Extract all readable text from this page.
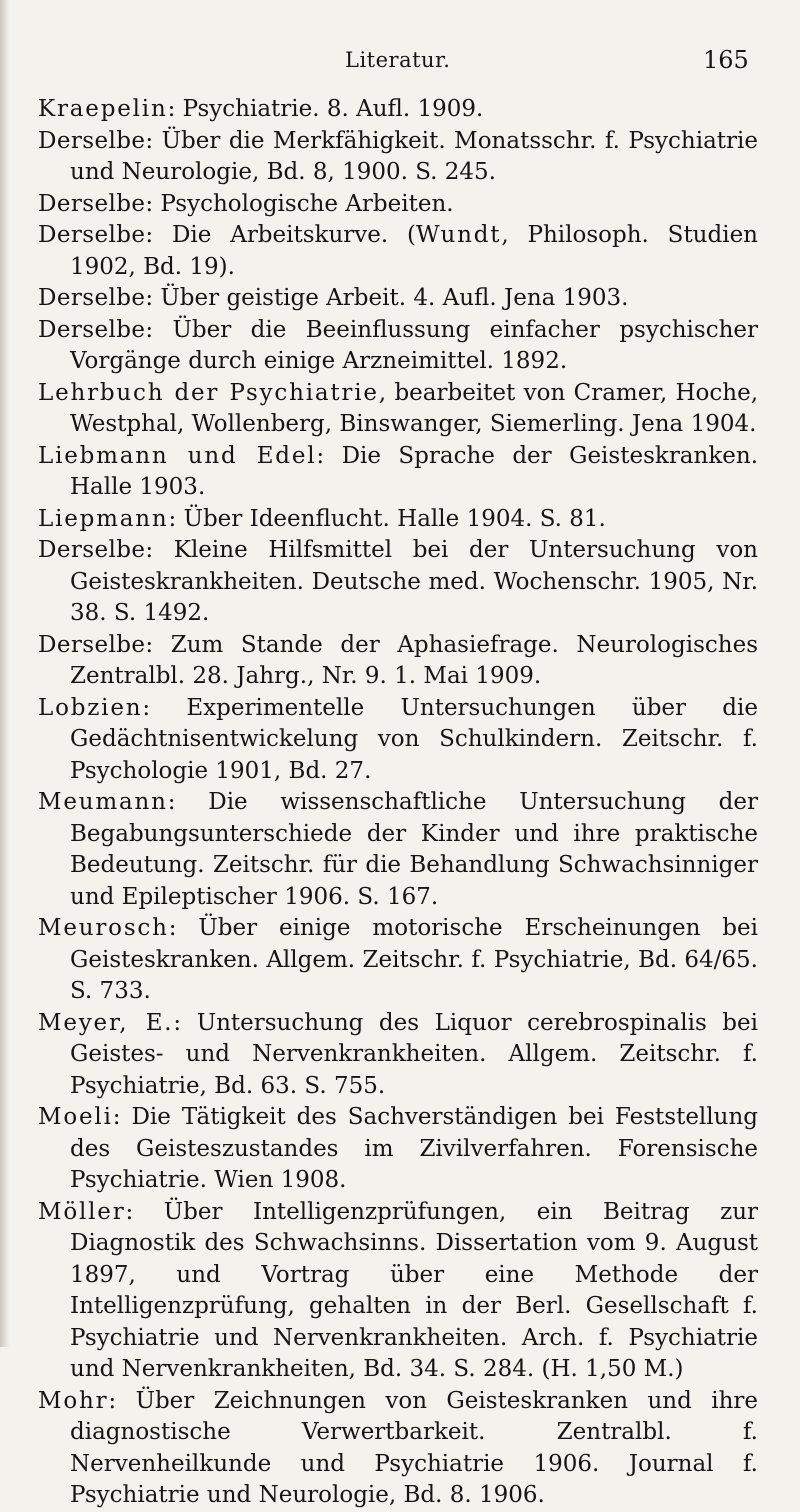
Literatur.	165
Kraepelin: Psychiatrie. 8. Aufl. 1909.
Derselbe: Über die Merkfähigkeit. Monatsschr. f. Psychiatrie und Neurologie, Bd. 8, 1900. S. 245.
Derselbe: Psychologische Arbeiten.
Derselbe: Die Arbeitskurve. (Wundt, Philosoph. Studien 1902, Bd. 19).
Derselbe: Über geistige Arbeit. 4. Aufl. Jena 1903.
Derselbe: Über die Beeinflussung einfacher psychischer Vorgänge durch einige Arzneimittel. 1892.
Lehrbuch der Psychiatrie, bearbeitet von Cramer, Hoche, Westphal, Wollenberg, Binswanger, Siemerling. Jena 1904.
Liebmann und Edel: Die Sprache der Geisteskranken. Halle 1903.
Liepmann: Über Ideenflucht. Halle 1904. S. 81.
Derselbe: Kleine Hilfsmittel bei der Untersuchung von Geisteskrankheiten. Deutsche med. Wochenschr. 1905, Nr. 38. S. 1492.
Derselbe: Zum Stande der Aphasiefrage. Neurologisches Zentralbl. 28. Jahrg., Nr. 9. 1. Mai 1909.
Lobzien: Experimentelle Untersuchungen über die Gedächtnisentwickelung von Schulkindern. Zeitschr. f. Psychologie 1901, Bd. 27.
Meumann: Die wissenschaftliche Untersuchung der Begabungsunterschiede der Kinder und ihre praktische Bedeutung. Zeitschr. für die Behandlung Schwachsinniger und Epileptischer 1906. S. 167.
Meurosch: Über einige motorische Erscheinungen bei Geisteskranken. Allgem. Zeitschr. f. Psychiatrie, Bd. 64/65. S. 733.
Meyer, E.: Untersuchung des Liquor cerebrospinalis bei Geistes- und Nervenkrankheiten. Allgem. Zeitschr. f. Psychiatrie, Bd. 63. S. 755.
Moeli: Die Tätigkeit des Sachverständigen bei Feststellung des Geisteszustandes im Zivilverfahren. Forensische Psychiatrie. Wien 1908.
Möller: Über Intelligenzprüfungen, ein Beitrag zur Diagnostik des Schwachsinns. Dissertation vom 9. August 1897, und Vortrag über eine Methode der Intelligenzprüfung, gehalten in der Berl. Gesellschaft f. Psychiatrie und Nervenkrankheiten. Arch. f. Psychiatrie und Nervenkrankheiten, Bd. 34. S. 284. (H. 1,50 M.)
Mohr: Über Zeichnungen von Geisteskranken und ihre diagnostische Verwertbarkeit. Zentralbl. f. Nervenheilkunde und Psychiatrie 1906. Journal f. Psychiatrie und Neurologie, Bd. 8. 1906.
